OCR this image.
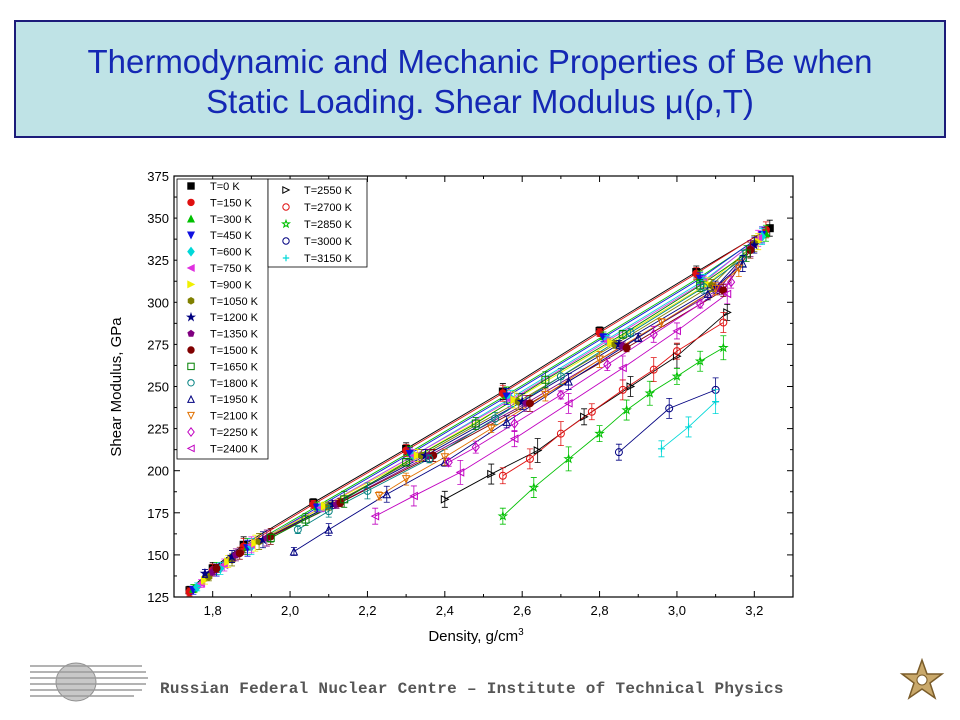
Thermodynamic and Mechanic Properties of Be when
Static Loading. Shear Modulus μ(ρ,T)
125
150
175
200
225
250
275
300
325
350
375
1,8	2,0	2,2	2,4	2,6	2,8	3,0	3,2
T=0 K
T=150 K
T=300 K
T=450 K
T=600 K
T=750 K
T=900 K
T=1050 K
T=1200 K
T=1350 K
T=1500 K
T=1650 K
T=1800 K
T=1950 K
T=2100 K
T=2250 K
T=2400 K
T=2550 K
T=2700 K
T=2850 K
T=3000 K
T=3150 K
Shear Modulus, GPa
Density, $g/cm^3$
Russian Federal Nuclear Centre – Institute of Technical Physics
